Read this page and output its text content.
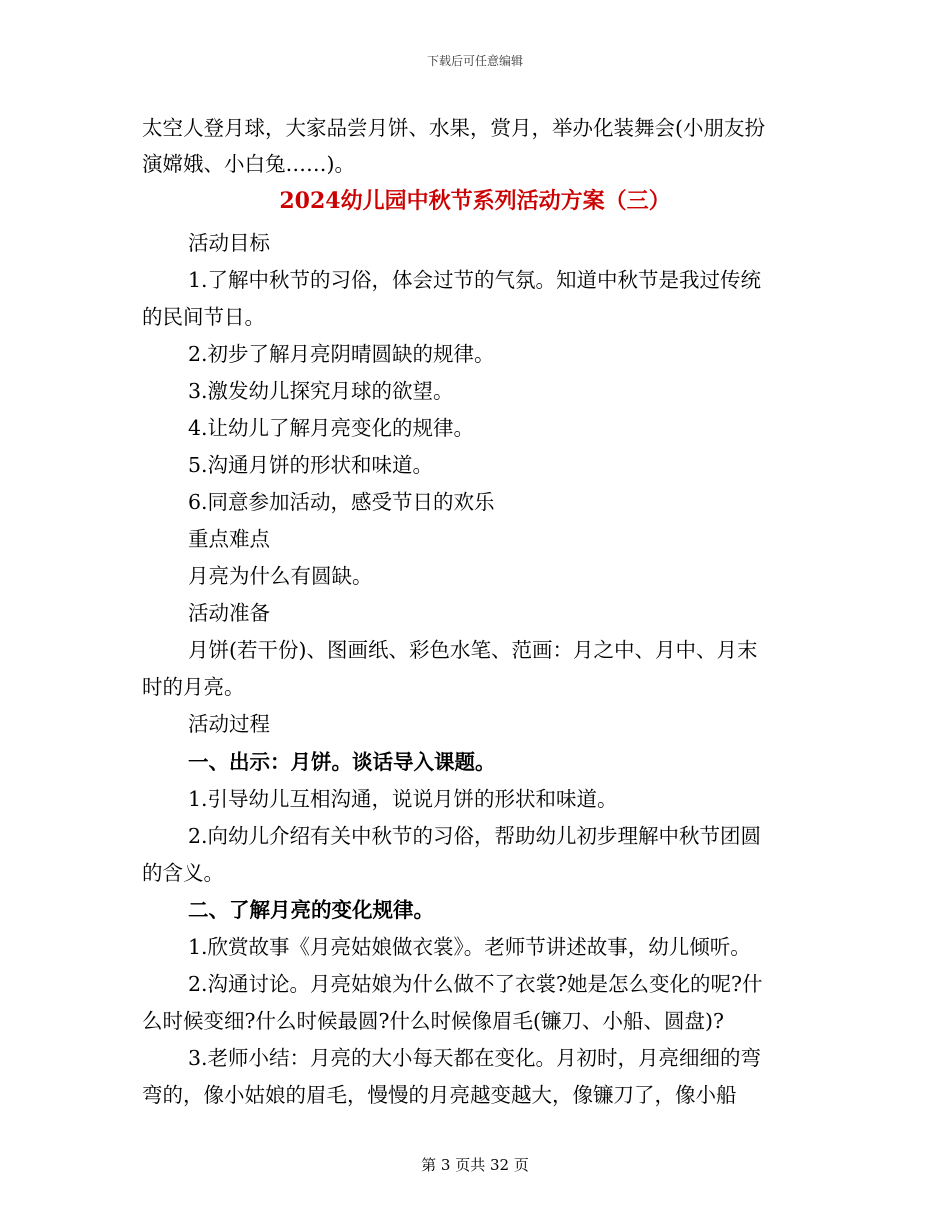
下载后可任意编辑
太空人登月球，大家品尝月饼、水果，赏月，举办化装舞会(小朋友扮
演嫦娥、小白兔……)。
2024幼儿园中秋节系列活动方案（三）
活动目标
1.了解中秋节的习俗，体会过节的气氛。知道中秋节是我过传统
的民间节日。
2.初步了解月亮阴晴圆缺的规律。
3.激发幼儿探究月球的欲望。
4.让幼儿了解月亮变化的规律。
5.沟通月饼的形状和味道。
6.同意参加活动，感受节日的欢乐
重点难点
月亮为什么有圆缺。
活动准备
月饼(若干份)、图画纸、彩色水笔、范画：月之中、月中、月末
时的月亮。
活动过程
一、出示：月饼。谈话导入课题。
1.引导幼儿互相沟通，说说月饼的形状和味道。
2.向幼儿介绍有关中秋节的习俗，帮助幼儿初步理解中秋节团圆
的含义。
二、了解月亮的变化规律。
1.欣赏故事《月亮姑娘做衣裳》。老师节讲述故事，幼儿倾听。
2.沟通讨论。月亮姑娘为什么做不了衣裳?她是怎么变化的呢?什
么时候变细?什么时候最圆?什么时候像眉毛(镰刀、小船、圆盘)?
3.老师小结：月亮的大小每天都在变化。月初时，月亮细细的弯
弯的，像小姑娘的眉毛，慢慢的月亮越变越大，像镰刀了，像小船
第 3 页共 32 页
